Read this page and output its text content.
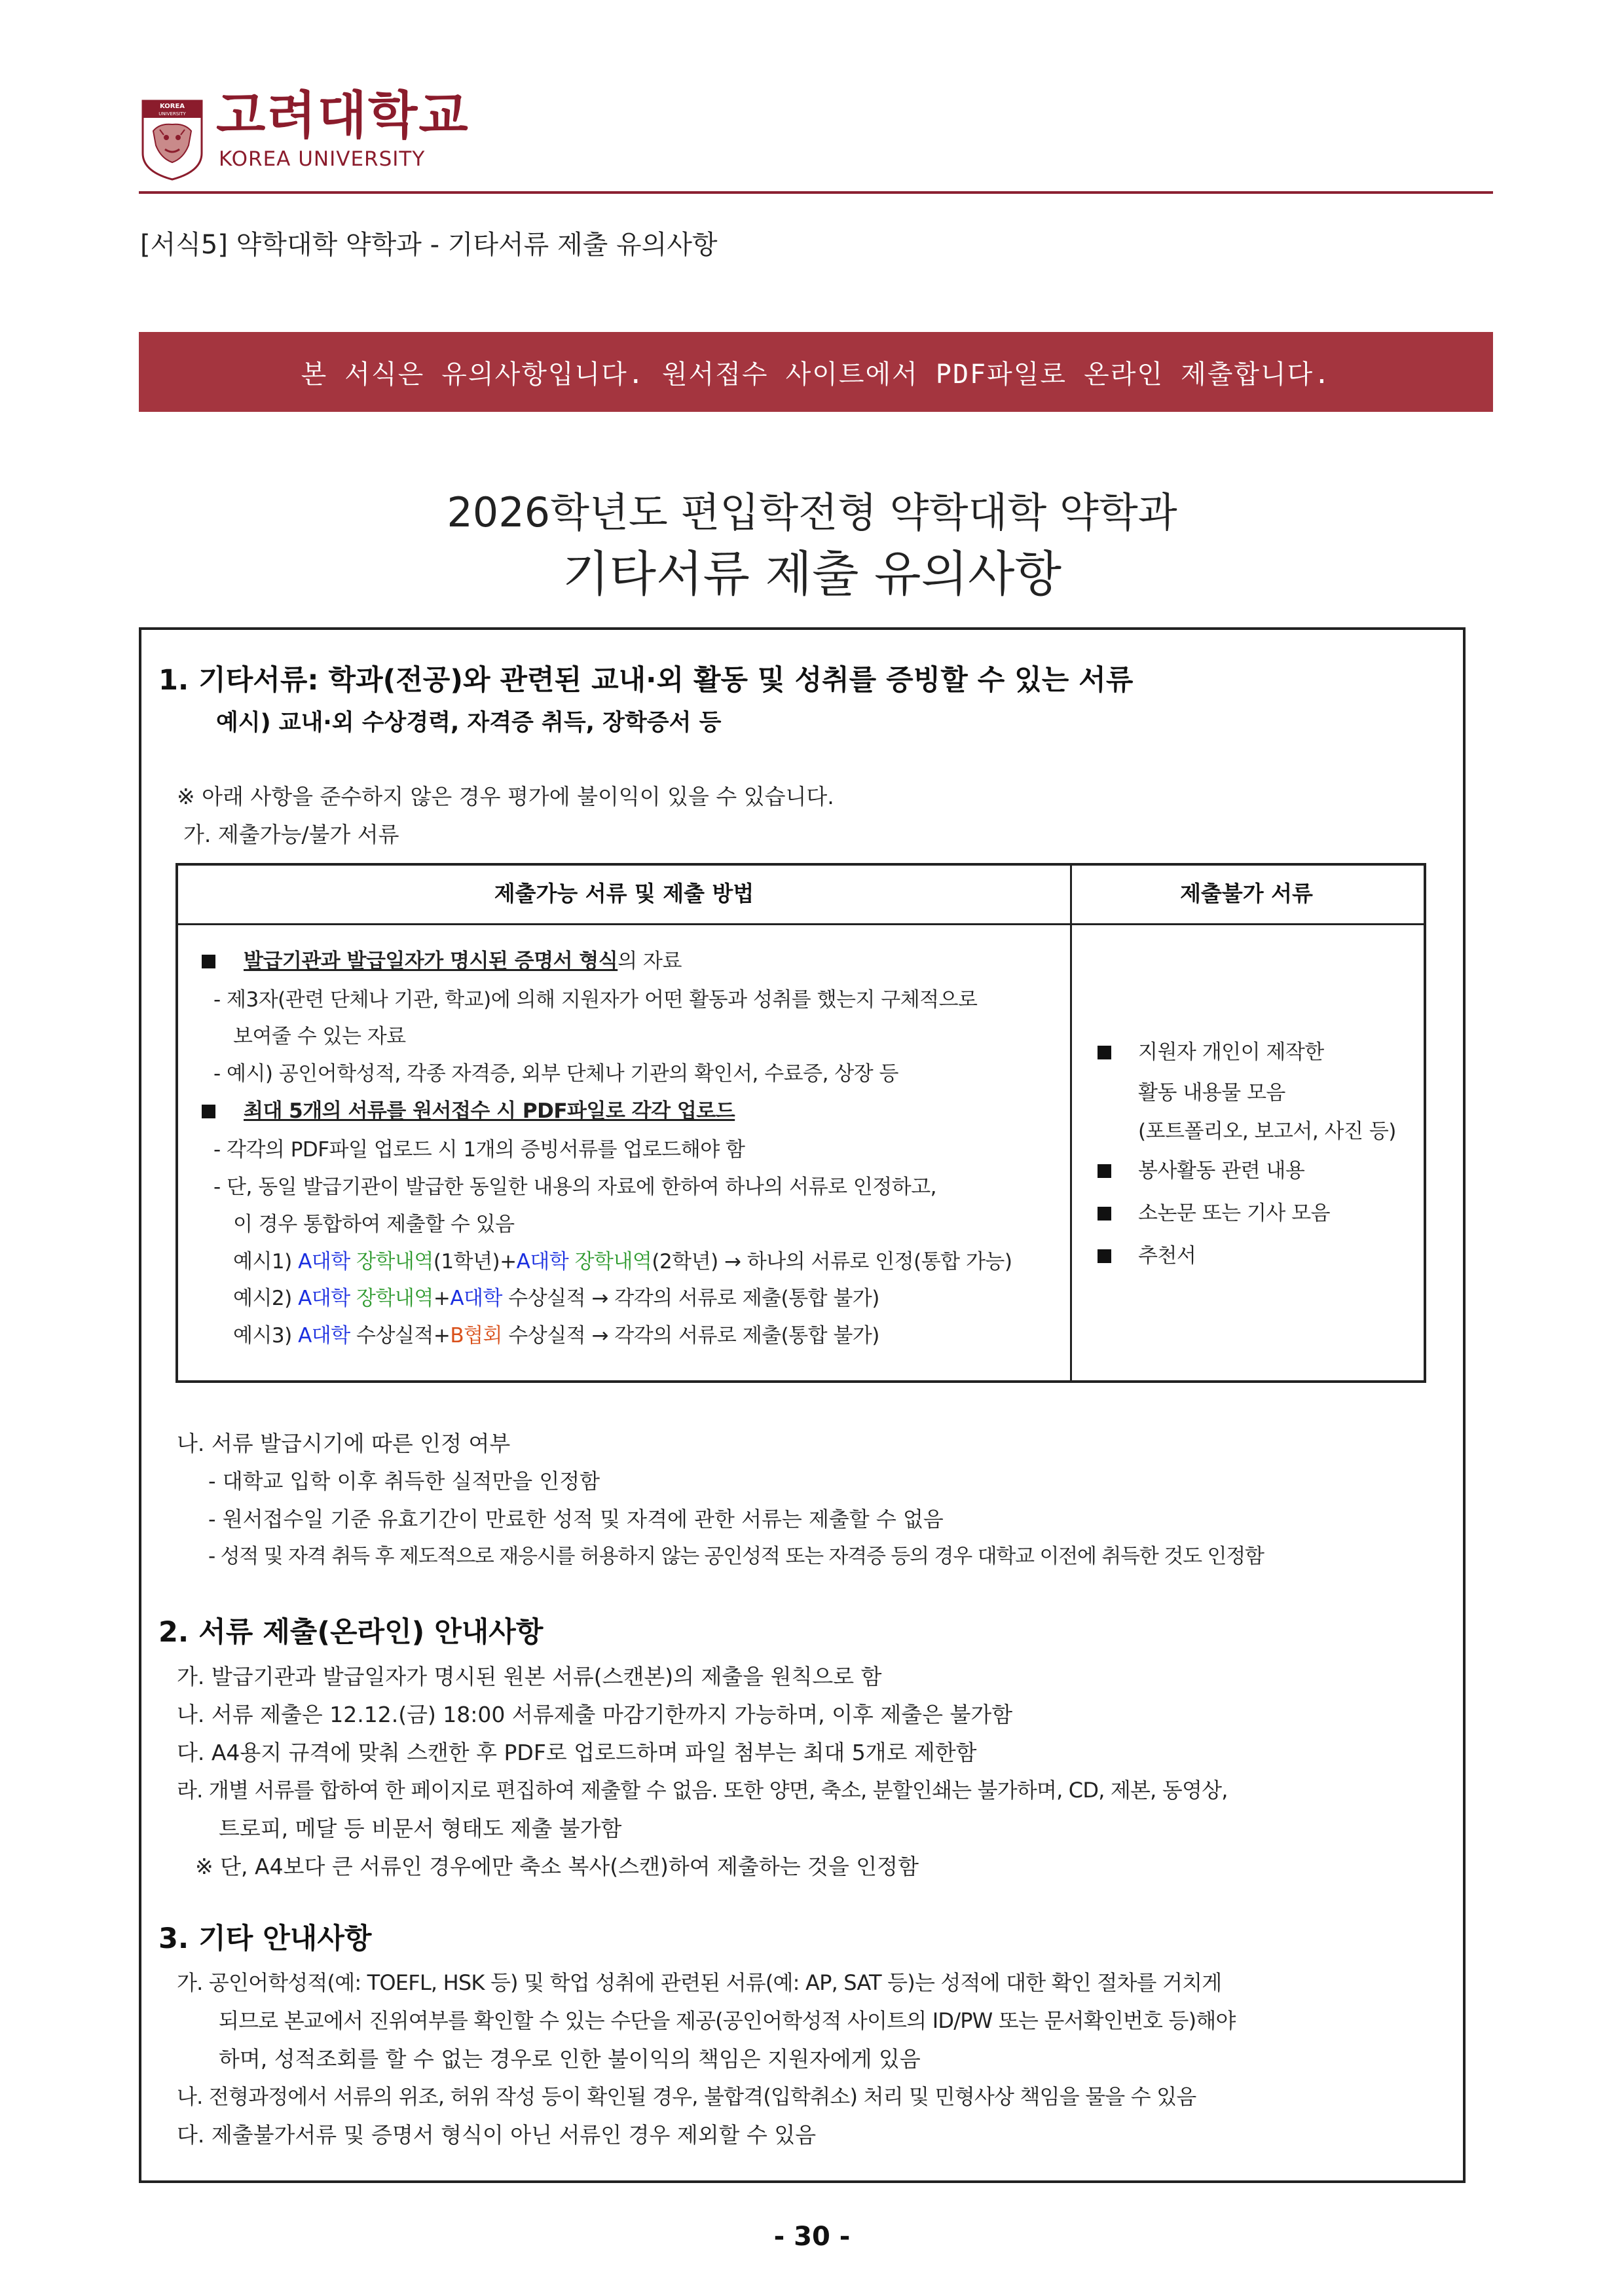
KOREA
UNIVERSITY 고려대학교
KOREA UNIVERSITY
[서식5] 약학대학 약학과 - 기타서류 제출 유의사항
본 서식은 유의사항입니다. 원서접수 사이트에서 PDF파일로 온라인 제출합니다.
2026학년도 편입학전형 약학대학 약학과
기타서류 제출 유의사항
1. 기타서류: 학과(전공)와 관련된 교내·외 활동 및 성취를 증빙할 수 있는 서류
예시) 교내·외 수상경력, 자격증 취득, 장학증서 등
※ 아래 사항을 준수하지 않은 경우 평가에 불이익이 있을 수 있습니다.
가. 제출가능/불가 서류
제출가능 서류 및 제출 방법	제출불가 서류
발급기관과 발급일자가 명시된 증명서 형식의 자료
- 제3자(관련 단체나 기관, 학교)에 의해 지원자가 어떤 활동과 성취를 했는지 구체적으로
보여줄 수 있는 자료
- 예시) 공인어학성적, 각종 자격증, 외부 단체나 기관의 확인서, 수료증, 상장 등
최대 5개의 서류를 원서접수 시 PDF파일로 각각 업로드
- 각각의 PDF파일 업로드 시 1개의 증빙서류를 업로드해야 함
- 단, 동일 발급기관이 발급한 동일한 내용의 자료에 한하여 하나의 서류로 인정하고,
이 경우 통합하여 제출할 수 있음
예시1) A대학 장학내역(1학년)+A대학 장학내역(2학년) → 하나의 서류로 인정(통합 가능)
예시2) A대학 장학내역+A대학 수상실적 → 각각의 서류로 제출(통합 불가)
예시3) A대학 수상실적+B협회 수상실적 → 각각의 서류로 제출(통합 불가)
지원자 개인이 제작한
활동 내용물 모음
(포트폴리오, 보고서, 사진 등)
봉사활동 관련 내용
소논문 또는 기사 모음
추천서
나. 서류 발급시기에 따른 인정 여부
- 대학교 입학 이후 취득한 실적만을 인정함
- 원서접수일 기준 유효기간이 만료한 성적 및 자격에 관한 서류는 제출할 수 없음
- 성적 및 자격 취득 후 제도적으로 재응시를 허용하지 않는 공인성적 또는 자격증 등의 경우 대학교 이전에 취득한 것도 인정함
2. 서류 제출(온라인) 안내사항
가. 발급기관과 발급일자가 명시된 원본 서류(스캔본)의 제출을 원칙으로 함
나. 서류 제출은 12.12.(금) 18:00 서류제출 마감기한까지 가능하며, 이후 제출은 불가함
다. A4용지 규격에 맞춰 스캔한 후 PDF로 업로드하며 파일 첨부는 최대 5개로 제한함
라. 개별 서류를 합하여 한 페이지로 편집하여 제출할 수 없음. 또한 양면, 축소, 분할인쇄는 불가하며, CD, 제본, 동영상,
트로피, 메달 등 비문서 형태도 제출 불가함
※ 단, A4보다 큰 서류인 경우에만 축소 복사(스캔)하여 제출하는 것을 인정함
3. 기타 안내사항
가. 공인어학성적(예: TOEFL, HSK 등) 및 학업 성취에 관련된 서류(예: AP, SAT 등)는 성적에 대한 확인 절차를 거치게
되므로 본교에서 진위여부를 확인할 수 있는 수단을 제공(공인어학성적 사이트의 ID/PW 또는 문서확인번호 등)해야
하며, 성적조회를 할 수 없는 경우로 인한 불이익의 책임은 지원자에게 있음
나. 전형과정에서 서류의 위조, 허위 작성 등이 확인될 경우, 불합격(입학취소) 처리 및 민형사상 책임을 물을 수 있음
다. 제출불가서류 및 증명서 형식이 아닌 서류인 경우 제외할 수 있음
- 30 -
